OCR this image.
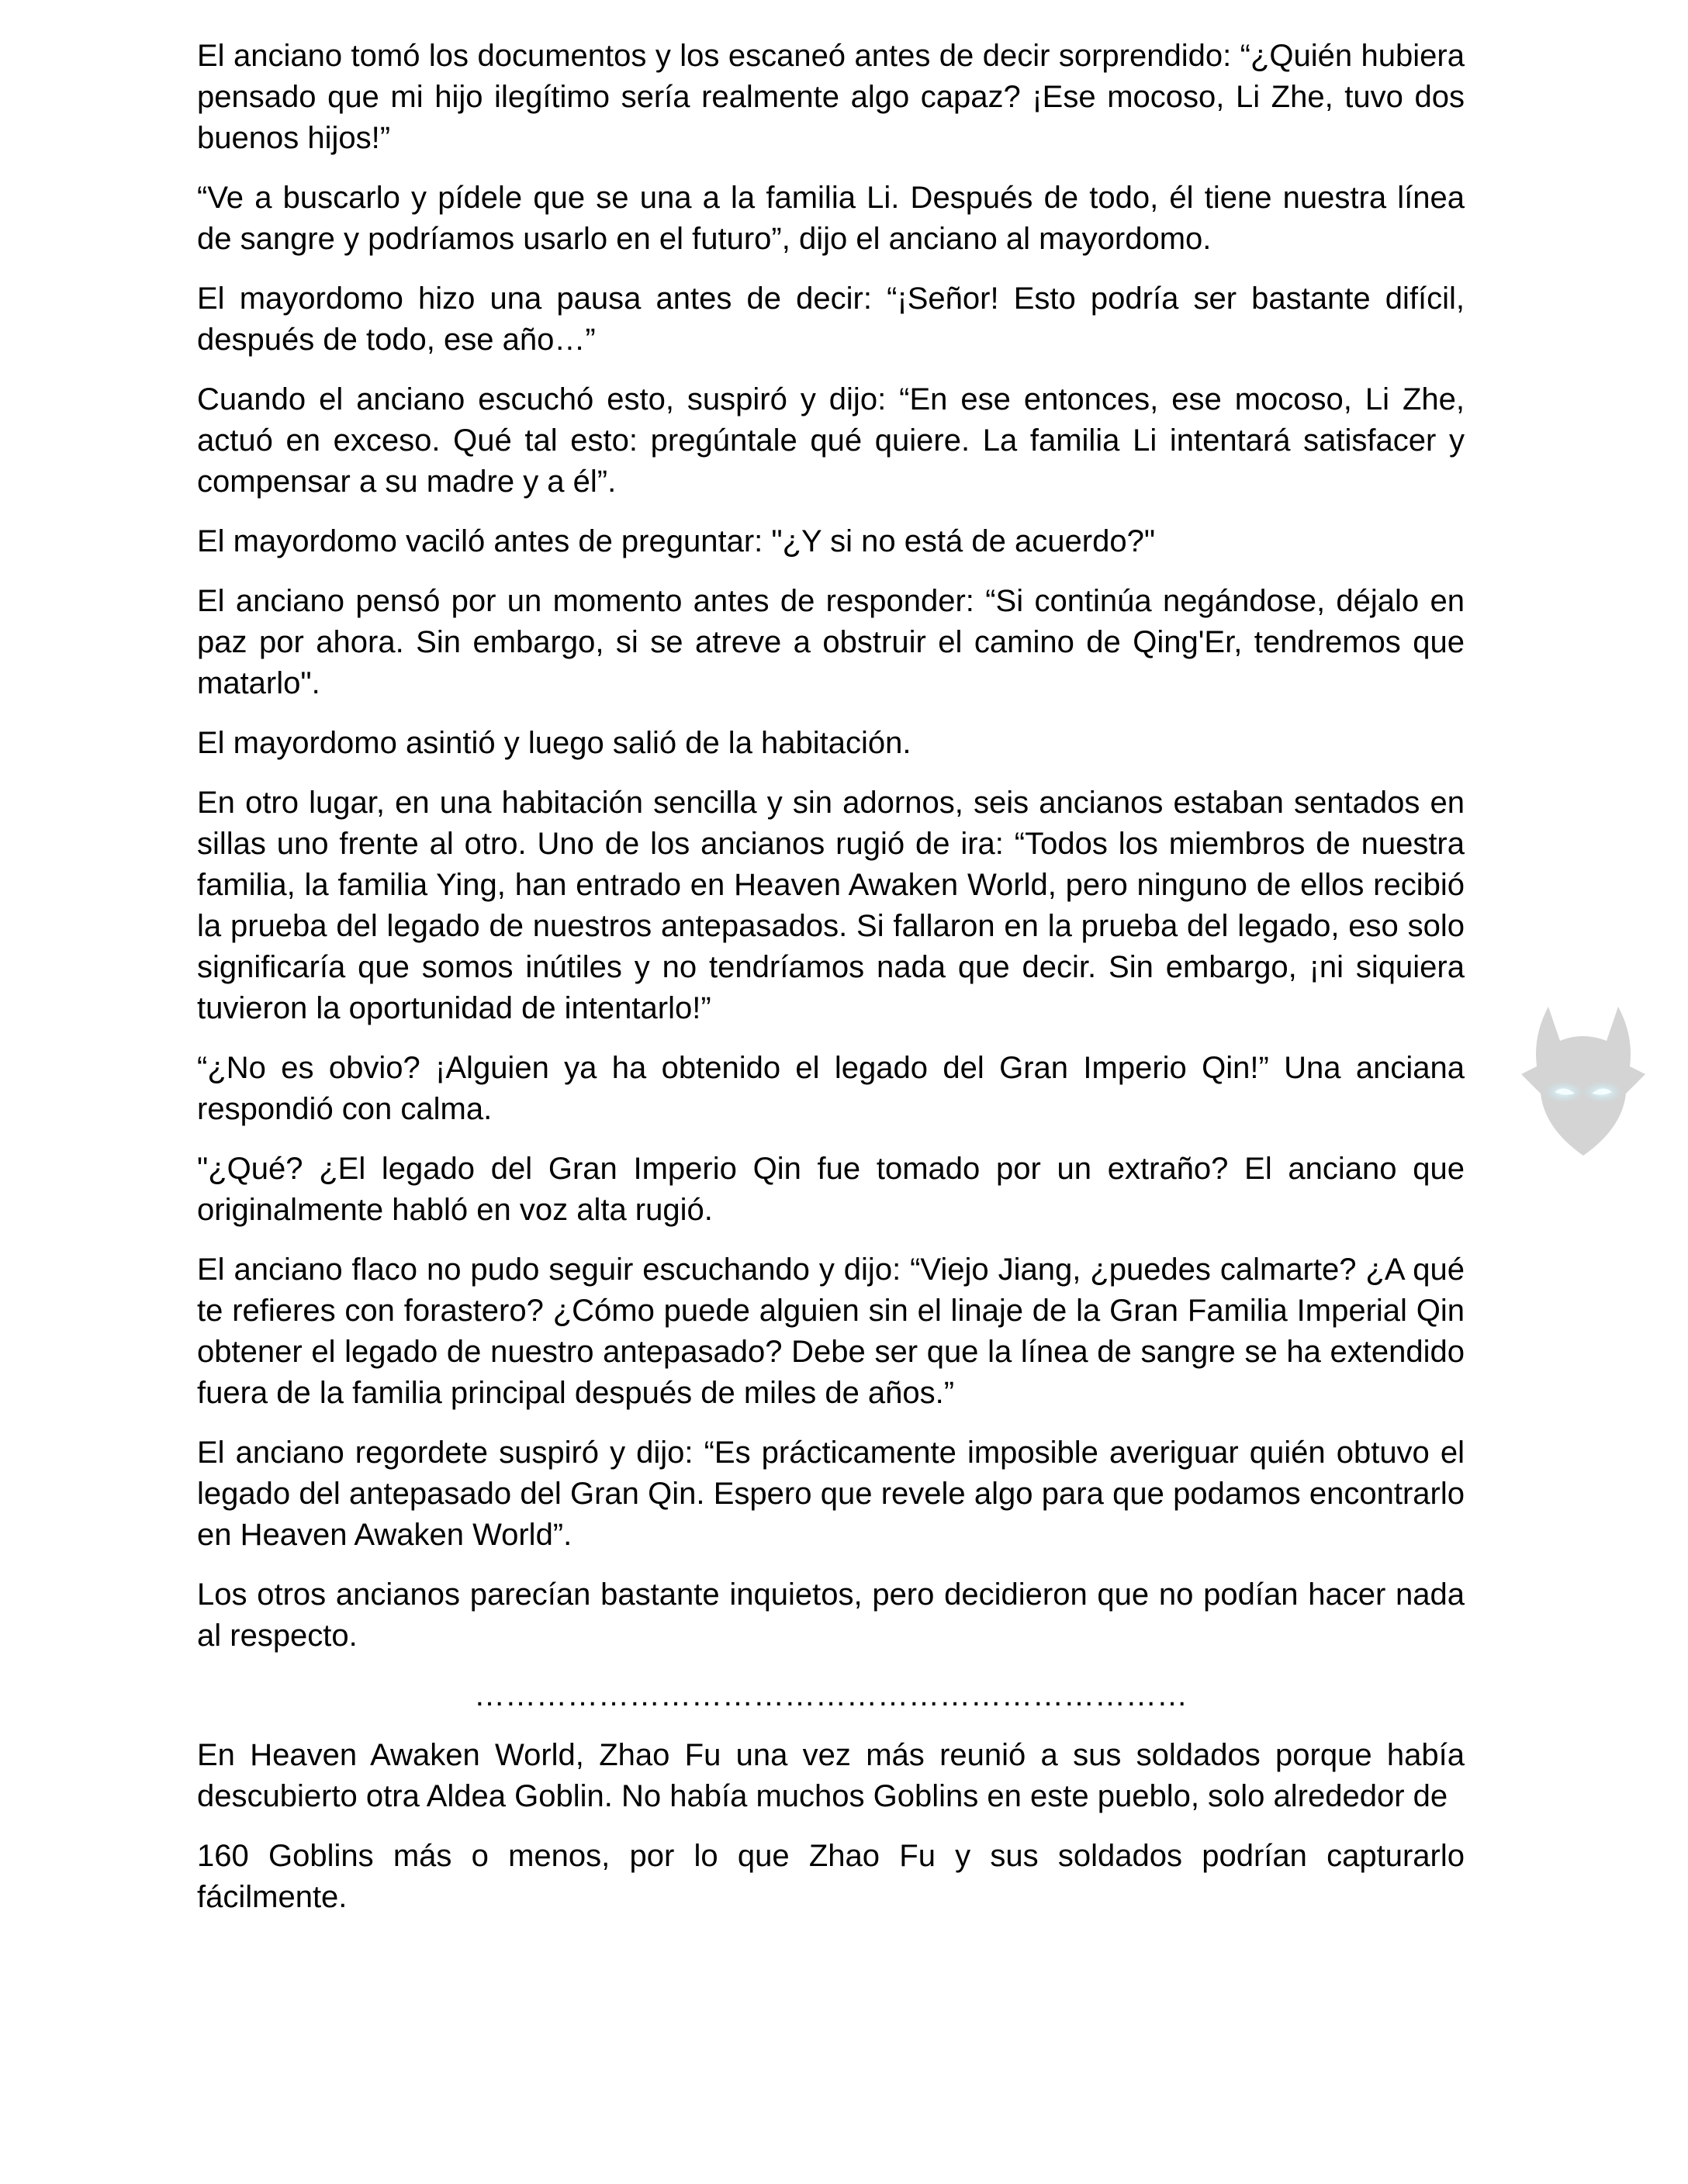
El anciano tomó los documentos y los escaneó antes de decir sorprendido: “¿Quién hubiera pensado que mi hijo ilegítimo sería realmente algo capaz? ¡Ese mocoso, Li Zhe, tuvo dos buenos hijos!”

“Ve a buscarlo y pídele que se una a la familia Li. Después de todo, él tiene nuestra línea de sangre y podríamos usarlo en el futuro”, dijo el anciano al mayordomo.

El mayordomo hizo una pausa antes de decir: “¡Señor! Esto podría ser bastante difícil, después de todo, ese año…”

Cuando el anciano escuchó esto, suspiró y dijo: “En ese entonces, ese mocoso, Li Zhe, actuó en exceso. Qué tal esto: pregúntale qué quiere. La familia Li intentará satisfacer y compensar a su madre y a él”.

El mayordomo vaciló antes de preguntar: "¿Y si no está de acuerdo?"

El anciano pensó por un momento antes de responder: “Si continúa negándose, déjalo en paz por ahora. Sin embargo, si se atreve a obstruir el camino de Qing'Er, tendremos que matarlo".

El mayordomo asintió y luego salió de la habitación.

En otro lugar, en una habitación sencilla y sin adornos, seis ancianos estaban sentados en sillas uno frente al otro. Uno de los ancianos rugió de ira: “Todos los miembros de nuestra familia, la familia Ying, han entrado en Heaven Awaken World, pero ninguno de ellos recibió la prueba del legado de nuestros antepasados. Si fallaron en la prueba del legado, eso solo significaría que somos inútiles y no tendríamos nada que decir. Sin embargo, ¡ni siquiera tuvieron la oportunidad de intentarlo!”

“¿No es obvio? ¡Alguien ya ha obtenido el legado del Gran Imperio Qin!” Una anciana respondió con calma.

"¿Qué? ¿El legado del Gran Imperio Qin fue tomado por un extraño? El anciano que originalmente habló en voz alta rugió.

El anciano flaco no pudo seguir escuchando y dijo: “Viejo Jiang, ¿puedes calmarte? ¿A qué te refieres con forastero? ¿Cómo puede alguien sin el linaje de la Gran Familia Imperial Qin obtener el legado de nuestro antepasado? Debe ser que la línea de sangre se ha extendido fuera de la familia principal después de miles de años.”

El anciano regordete suspiró y dijo: “Es prácticamente imposible averiguar quién obtuvo el legado del antepasado del Gran Qin. Espero que revele algo para que podamos encontrarlo en Heaven Awaken World”.

Los otros ancianos parecían bastante inquietos, pero decidieron que no podían hacer nada al respecto.

……………………………………………………………

En Heaven Awaken World, Zhao Fu una vez más reunió a sus soldados porque había descubierto otra Aldea Goblin. No había muchos Goblins en este pueblo, solo alrededor de

160 Goblins más o menos, por lo que Zhao Fu y sus soldados podrían capturarlo fácilmente.
